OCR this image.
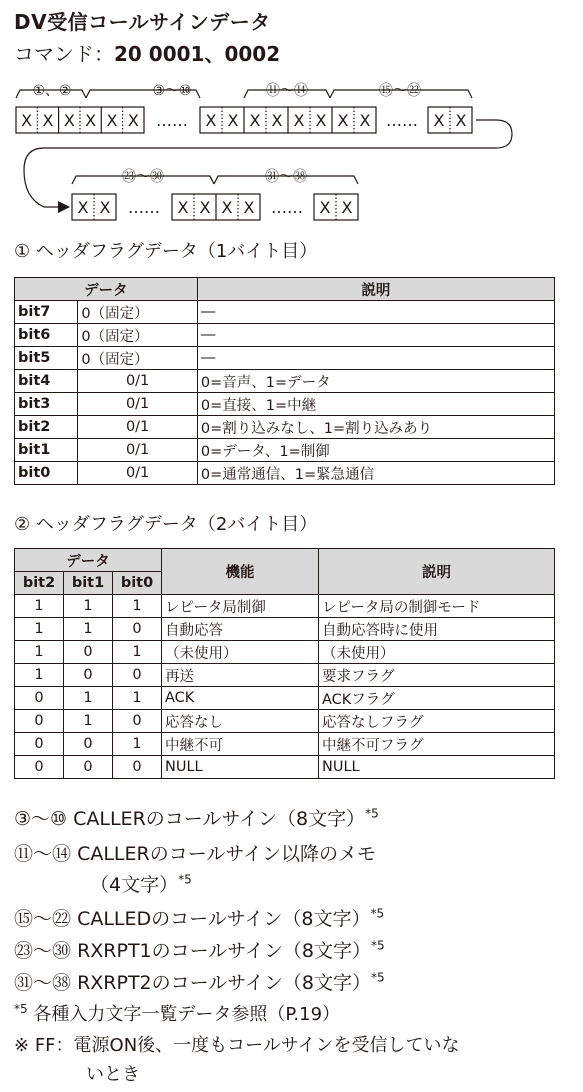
DV受信コールサインデータ
コマンド：20 0001、0002
X X X X X X …… X X X X X X X X …… X X
X X …… X X X X …… X X
①、②	③〜⑩	⑪〜⑭	⑮〜㉒
㉓〜㉚	㉛〜㊳
① ヘッダフラグデータ（1バイト目）
データ		説明
bit7	0（固定）	―
bit6	0（固定）	―
bit5	0（固定）	―
bit4	0/1	0=音声、1=データ
bit3	0/1	0=直接、1=中継
bit2	0/1	0=割り込みなし、1=割り込みあり
bit1	0/1	0=データ、1=制御
bit0	0/1	0=通常通信、1=緊急通信
② ヘッダフラグデータ（2バイト目）
データ			機能	説明
bit2	bit1	bit0		
1	1	1	レピータ局制御	レピータ局の制御モード
1	1	0	自動応答	自動応答時に使用
1	0	1	（未使用）	（未使用）
1	0	0	再送	要求フラグ
0	1	1	ACK	ACKフラグ
0	1	0	応答なし	応答なしフラグ
0	0	1	中継不可	中継不可フラグ
0	0	0	NULL	NULL
③〜⑩ CALLERのコールサイン（8文字）$^{*5}$
⑪〜⑭ CALLERのコールサイン以降のメモ
（4文字）$^{*5}$
⑮〜㉒ CALLEDのコールサイン（8文字）$^{*5}$
㉓〜㉚ RXRPT1のコールサイン（8文字）$^{*5}$
㉛〜㊳ RXRPT2のコールサイン（8文字）$^{*5}$
$^{*5}$ 各種入力文字一覧データ参照（P.19）
※ FF：電源ON後、一度もコールサインを受信していな
いとき
